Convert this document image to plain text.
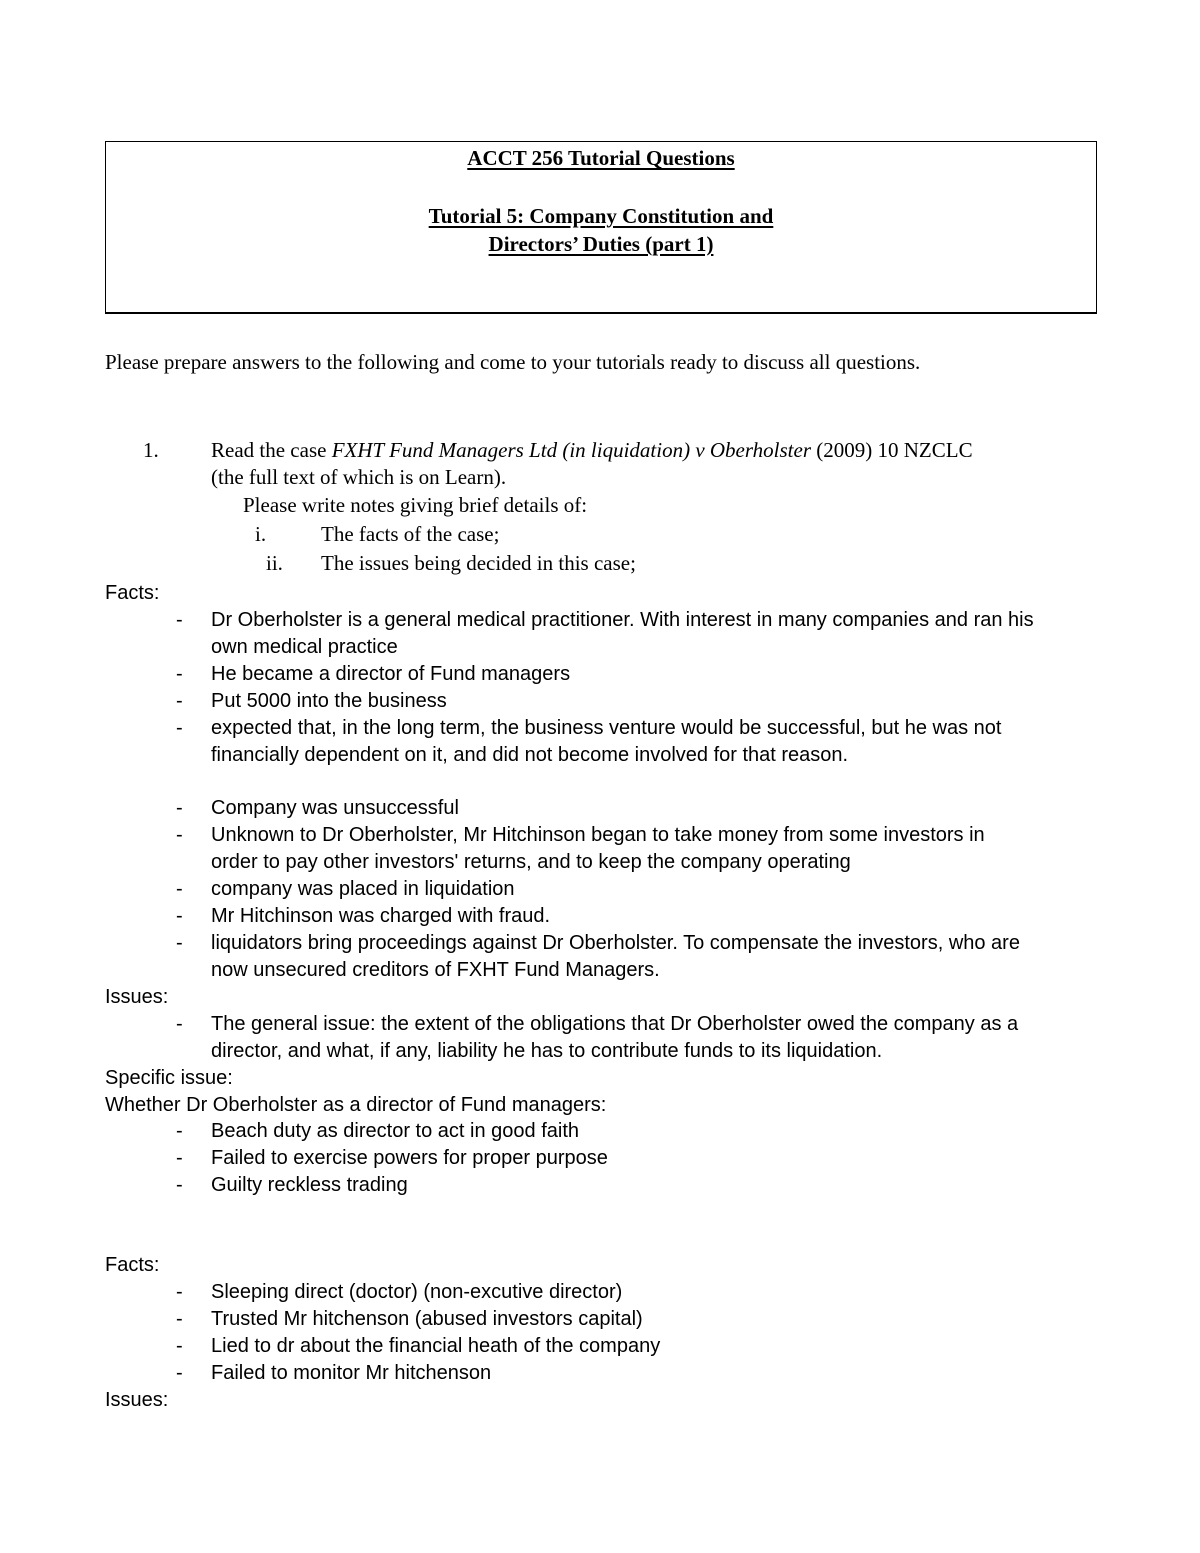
ACCT 256 Tutorial Questions
Tutorial 5: Company Constitution and
Directors’ Duties (part 1)
Please prepare answers to the following and come to your tutorials ready to discuss all questions.
1. Read the case FXHT Fund Managers Ltd (in liquidation) v Oberholster (2009) 10 NZCLC
(the full text of which is on Learn).
Please write notes giving brief details of:
i.	The facts of the case;
ii. The issues being decided in this case;
Facts:
- Dr Oberholster is a general medical practitioner. With interest in many companies and ran his
own medical practice
- He became a director of Fund managers
- Put 5000 into the business
- expected that, in the long term, the business venture would be successful, but he was not
financially dependent on it, and did not become involved for that reason.
- Company was unsuccessful
- Unknown to Dr Oberholster, Mr Hitchinson began to take money from some investors in
order to pay other investors' returns, and to keep the company operating
- company was placed in liquidation
- Mr Hitchinson was charged with fraud.
- liquidators bring proceedings against Dr Oberholster. To compensate the investors, who are
now unsecured creditors of FXHT Fund Managers.
Issues:
- The general issue: the extent of the obligations that Dr Oberholster owed the company as a
director, and what, if any, liability he has to contribute funds to its liquidation.
Specific issue:
Whether Dr Oberholster as a director of Fund managers:
- Beach duty as director to act in good faith
- Failed to exercise powers for proper purpose
- Guilty reckless trading
Facts:
- Sleeping direct (doctor) (non-excutive director)
- Trusted Mr hitchenson (abused investors capital)
- Lied to dr about the financial heath of the company
- Failed to monitor Mr hitchenson
Issues:
